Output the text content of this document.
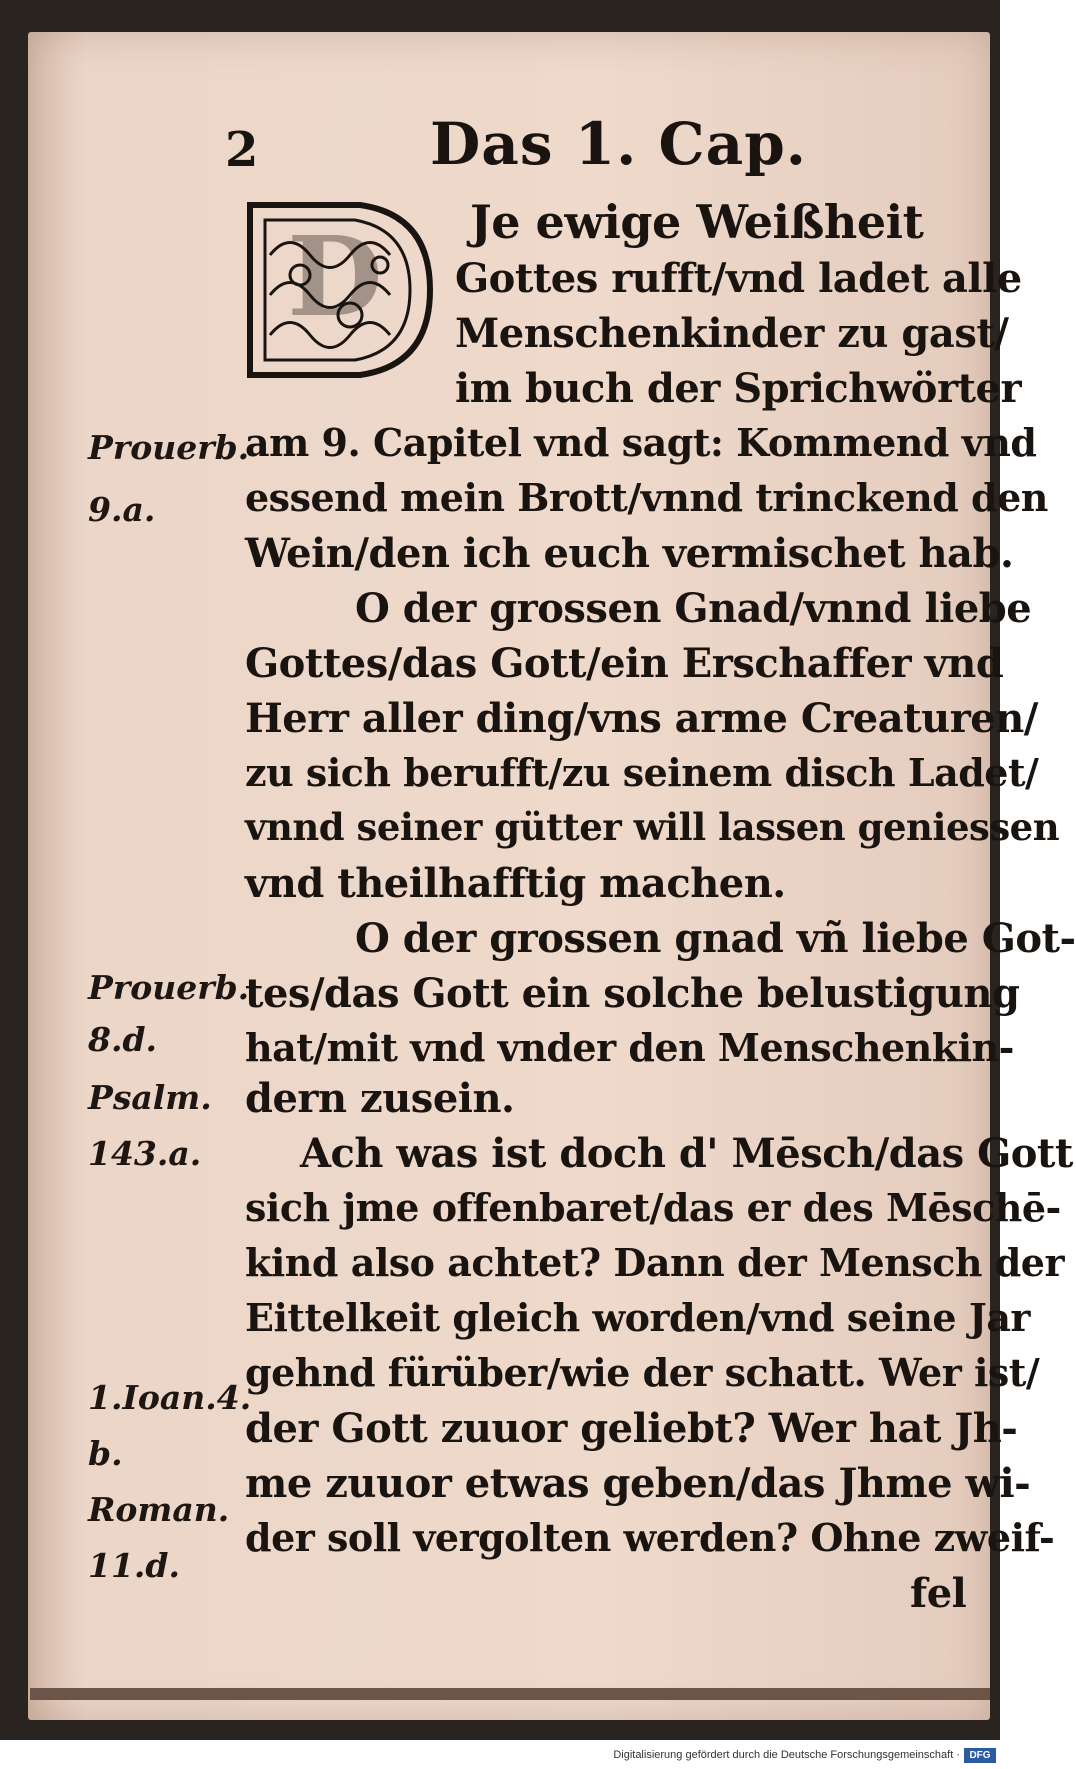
2	Das 1. Cap.
D
Prouerb.
9.a.
Prouerb.
8.d.
Psalm.
143.a.
1.Ioan.4.
b.
Roman.
11.d.
Je ewige Weißheit
Gottes rufft/vnd ladet alle
Menschenkinder zu gast/
im buch der Sprichwörter
am 9. Capitel vnd sagt: Kommend vnd
essend mein Brott/vnnd trinckend den
Wein/den ich euch vermischet hab.
O der grossen Gnad/vnnd liebe
Gottes/das Gott/ein Erschaffer vnd
Herr aller ding/vns arme Creaturen/
zu sich berufft/zu seinem disch Ladet/
vnnd seiner gütter will lassen geniessen
vnd theilhafftig machen.
O der grossen gnad vñ liebe Got-
tes/das Gott ein solche belustigung
hat/mit vnd vnder den Menschenkin-
dern zusein.
Ach was ist doch d' Mēsch/das Gott
sich jme offenbaret/das er des Mēschē-
kind also achtet? Dann der Mensch der
Eittelkeit gleich worden/vnd seine Jar
gehnd fürüber/wie der schatt. Wer ist/
der Gott zuuor geliebt? Wer hat Jh-
me zuuor etwas geben/das Jhme wi-
der soll vergolten werden? Ohne zweif-
fel
Digitalisierung gefördert durch die Deutsche Forschungsgemeinschaft · DFG
